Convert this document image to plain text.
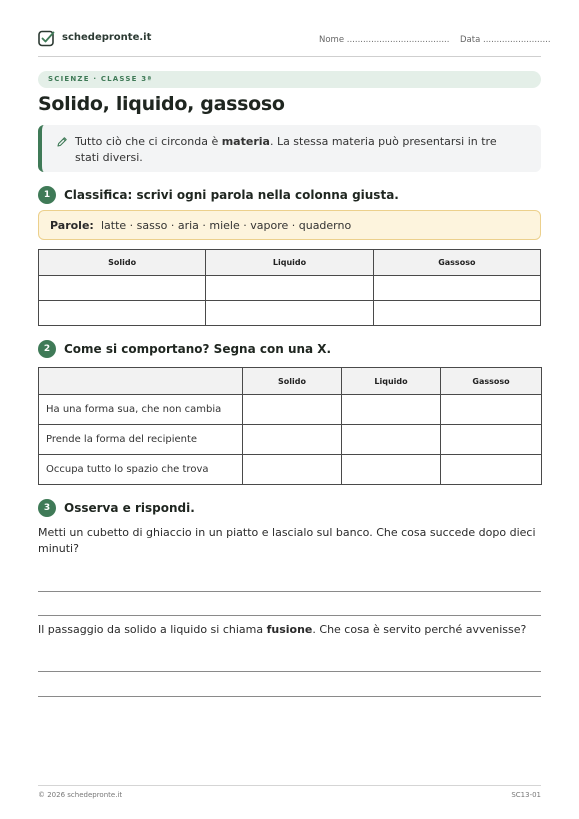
schedepronte.it	Nome ...................................... Data .........................
SCIENZE · CLASSE 3ª
Solido, liquido, gassoso

Tutto ciò che ci circonda è materia. La stessa materia può presentarsi in tre stati diversi.

1	Classifica: scrivi ogni parola nella colonna giusta.
Parole: latte · sasso · aria · miele · vapore · quaderno
Solido	Liquido	Gassoso

2	Come si comportano? Segna con una X.
	Solido	Liquido	Gassoso
Ha una forma sua, che non cambia			
Prende la forma del recipiente			
Occupa tutto lo spazio che trova			
3	Osserva e rispondi.

Metti un cubetto di ghiaccio in un piatto e lascialo sul banco. Che cosa succede dopo dieci minuti?

Il passaggio da solido a liquido si chiama fusione. Che cosa è servito perché avvenisse?

© 2026 schedepronte.it	SC13-01
